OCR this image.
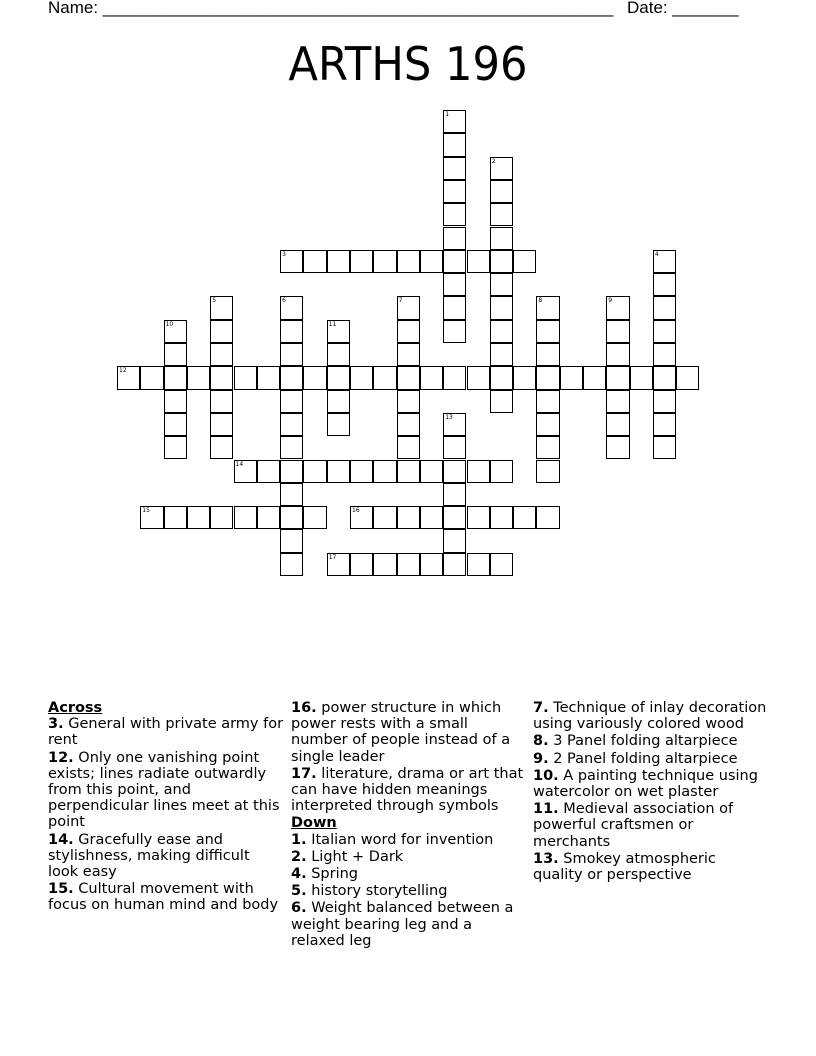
Name: ______________________________________________________ Date: _______
ARTHS 196
1
2
3	4
5	6	7	8	9
10	11
12
13
14
15	16
17
Across
3. General with private army for rent
12. Only one vanishing point exists; lines radiate outwardly from this point, and perpendicular lines meet at this point
14. Gracefully ease and stylishness, making difficult look easy
15. Cultural movement with focus on human mind and body
16. power structure in which power rests with a small number of people instead of a single leader
17. literature, drama or art that can have hidden meanings interpreted through symbols
Down
1. Italian word for invention
2. Light + Dark
4. Spring
5. history storytelling
6. Weight balanced between a weight bearing leg and a relaxed leg
7. Technique of inlay decoration using variously colored wood
8. 3 Panel folding altarpiece
9. 2 Panel folding altarpiece
10. A painting technique using watercolor on wet plaster
11. Medieval association of powerful craftsmen or merchants
13. Smokey atmospheric quality or perspective
